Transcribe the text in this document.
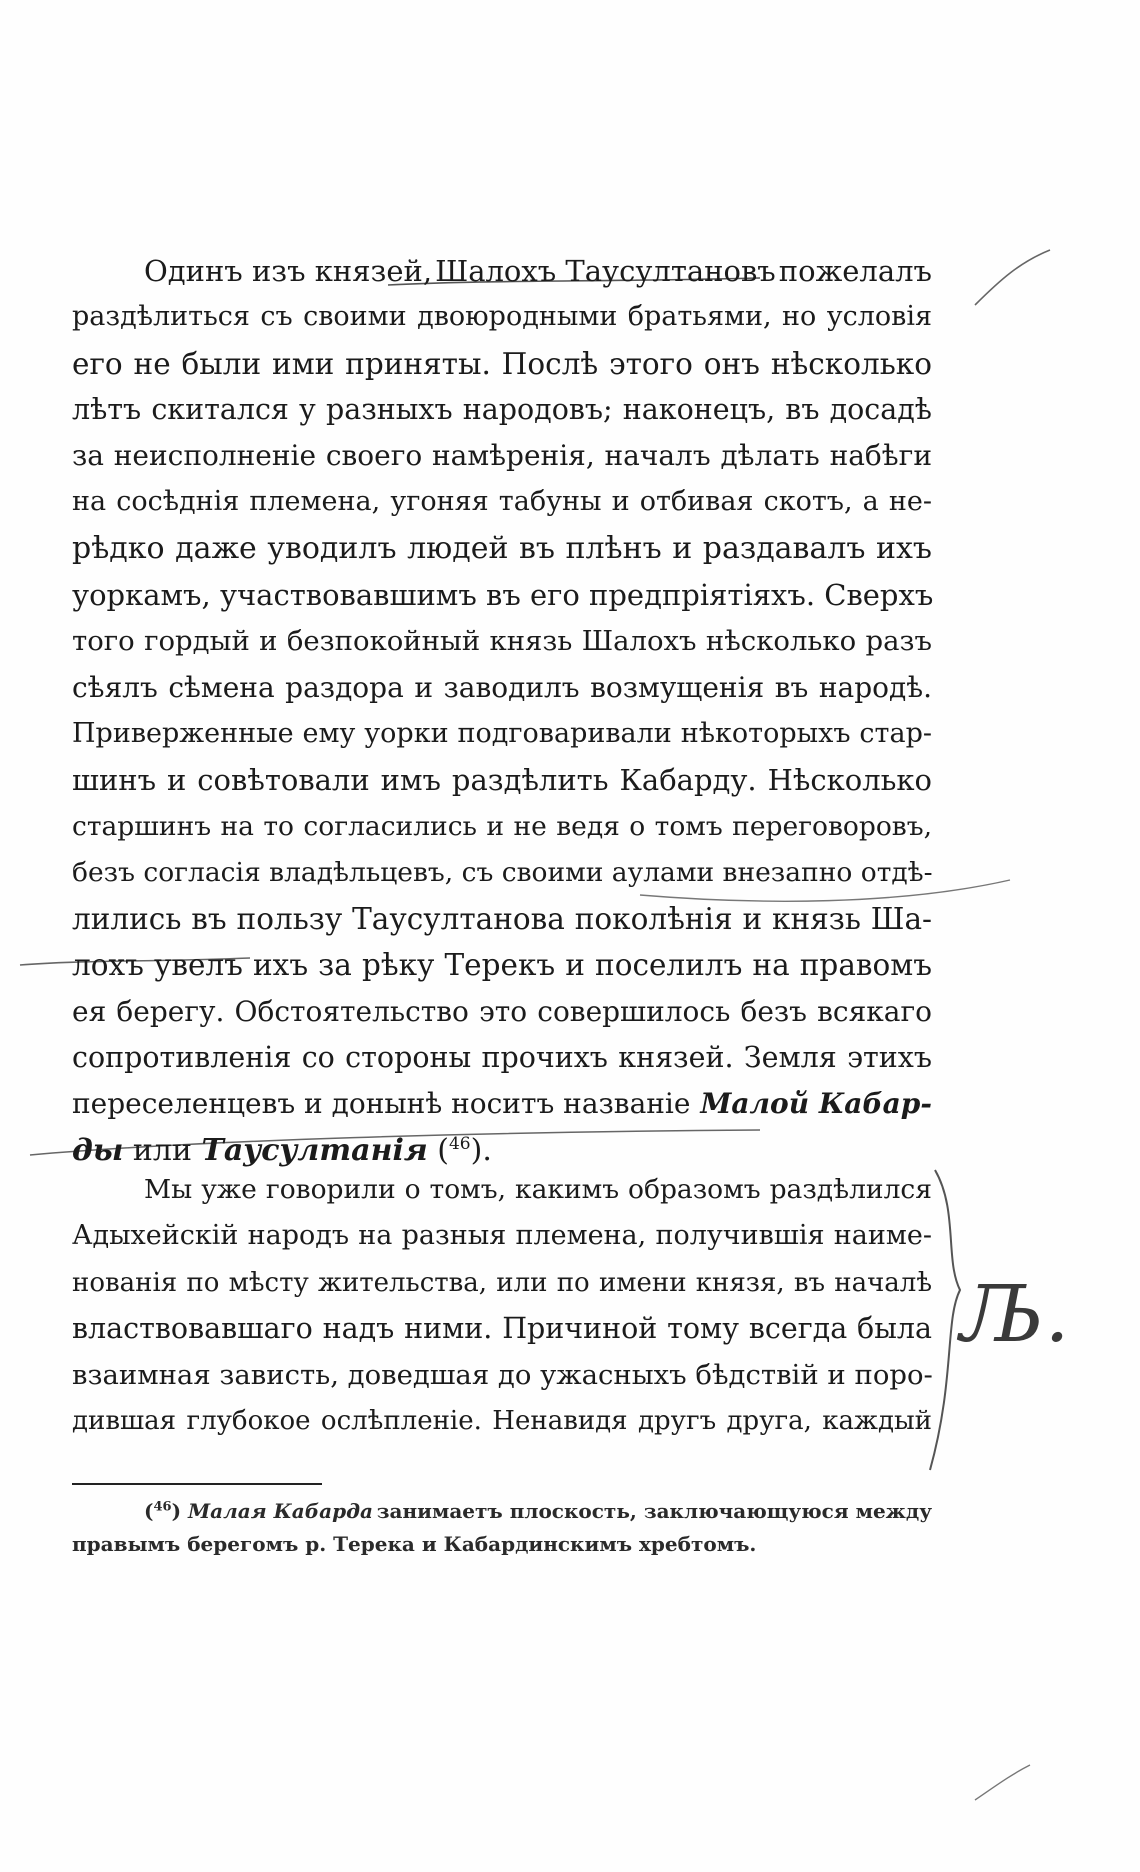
Одинъ изъ князей, Шалохъ Таусултановъ пожелалъ
раздѣлиться съ своими двоюродными братьями, но условія
его не были ими приняты. Послѣ этого онъ нѣсколько
лѣтъ скитался у разныхъ народовъ; наконецъ, въ досадѣ
за неисполненіе своего намѣренія, началъ дѣлать набѣги
на сосѣднія племена, угоняя табуны и отбивая скотъ, а не-
рѣдко даже уводилъ людей въ плѣнъ и раздавалъ ихъ
уоркамъ, участвовавшимъ въ его предпріятіяхъ. Сверхъ
того гордый и безпокойный князь Шалохъ нѣсколько разъ
сѣялъ сѣмена раздора и заводилъ возмущенія въ народѣ.
Приверженные ему уорки подговаривали нѣкоторыхъ стар-
шинъ и совѣтовали имъ раздѣлить Кабарду. Нѣсколько
старшинъ на то согласились и не ведя о томъ переговоровъ,
безъ согласія владѣльцевъ, съ своими аулами внезапно отдѣ-
лились въ пользу Таусултанова поколѣнія и князь Ша-
лохъ увелъ ихъ за рѣку Терекъ и поселилъ на правомъ
ея берегу. Обстоятельство это совершилось безъ всякаго
сопротивленія со стороны прочихъ князей. Земля этихъ
переселенцевъ и донынѣ носитъ названіе Малой Кабар-
ды или Таусултанія ($^{46}$).
Мы уже говорили о томъ, какимъ образомъ раздѣлился
Адыхейскій народъ на разныя племена, получившія наиме-
нованія по мѣсту жительства, или по имени князя, въ началѣ
властвовавшаго надъ ними. Причиной тому всегда была
взаимная зависть, доведшая до ужасныхъ бѣдствій и поро-
дившая глубокое ослѣпленіе. Ненавидя другъ друга, каждый
($^{46}$) Малая Кабарда занимаетъ плоскость, заключающуюся между
правымъ берегомъ р. Терека и Кабардинскимъ хребтомъ.
Љ.
